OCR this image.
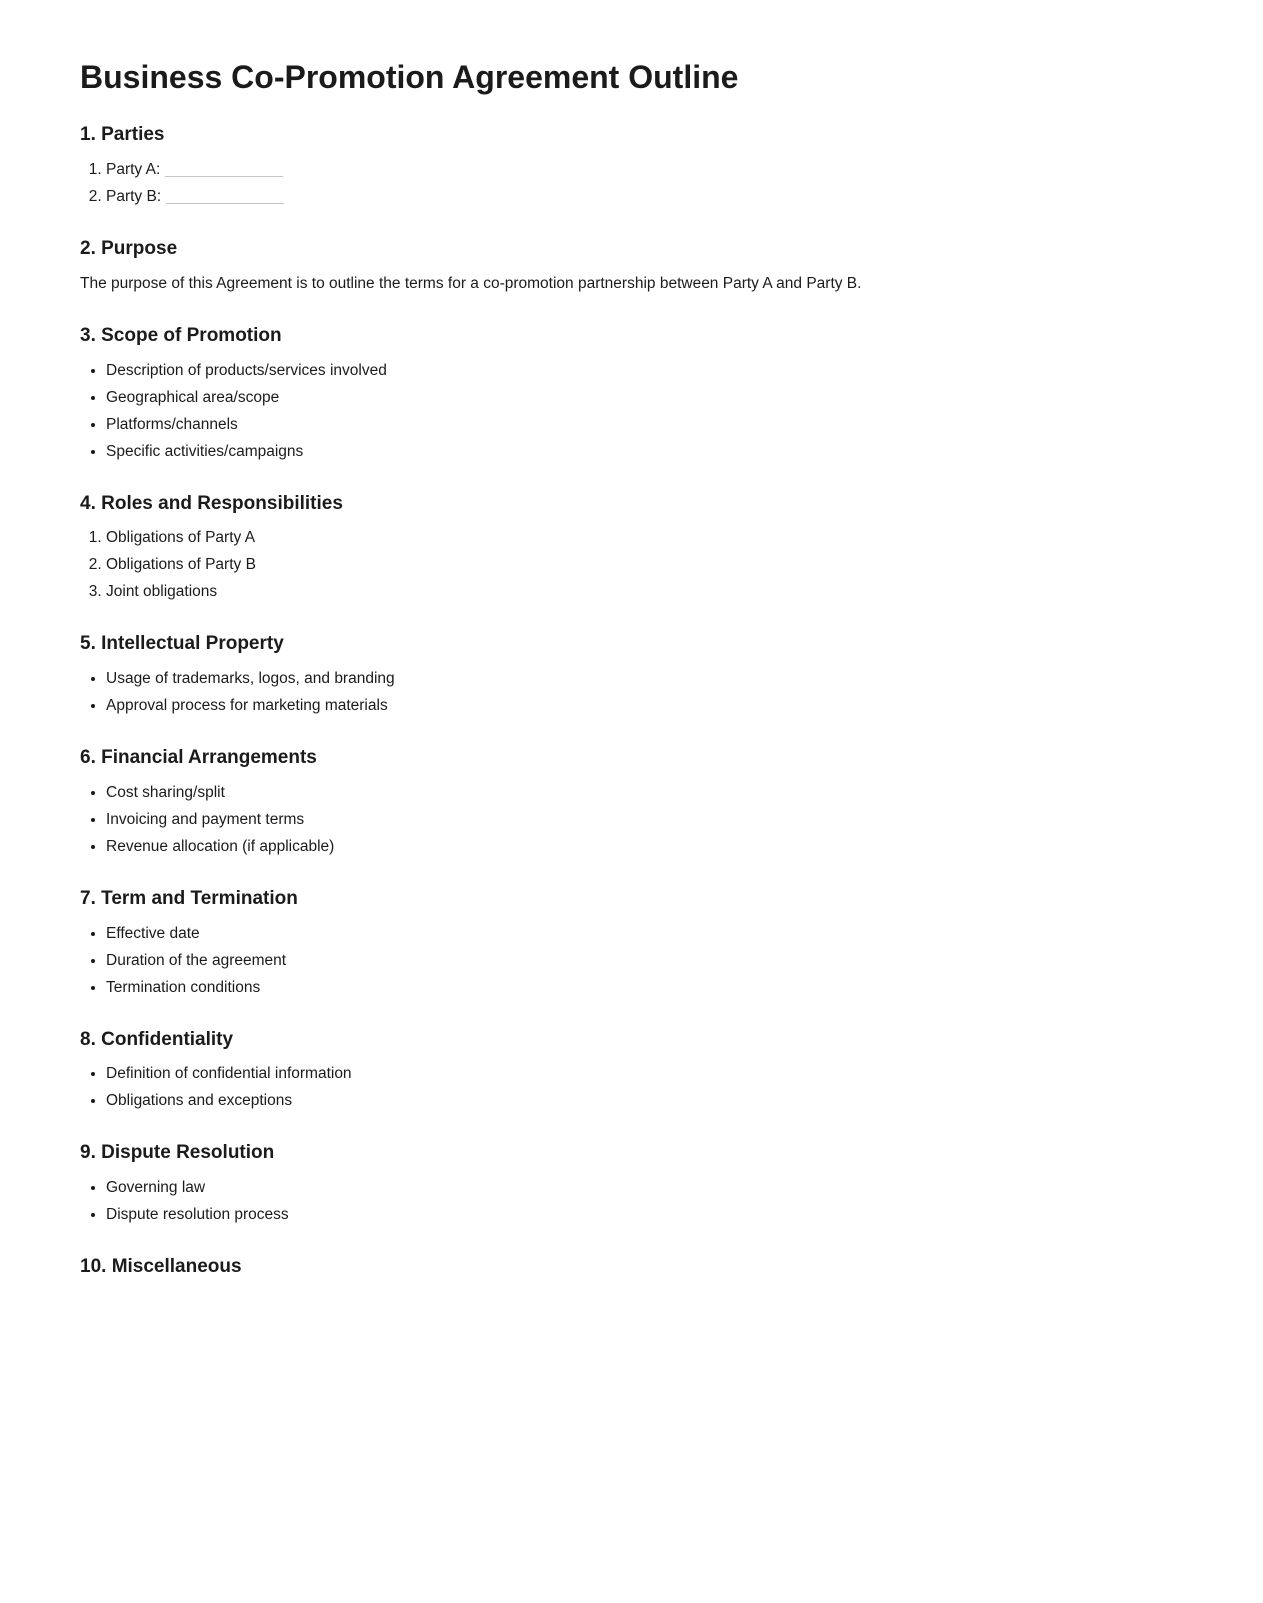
Business Co-Promotion Agreement Outline
1. Parties
1. Party A:
2. Party B:
2. Purpose

The purpose of this Agreement is to outline the terms for a co-promotion partnership between Party A and Party B.

3. Scope of Promotion
• Description of products/services involved
• Geographical area/scope
• Platforms/channels
• Specific activities/campaigns
4. Roles and Responsibilities
1. Obligations of Party A
2. Obligations of Party B
3. Joint obligations
5. Intellectual Property
• Usage of trademarks, logos, and branding
• Approval process for marketing materials
6. Financial Arrangements
• Cost sharing/split
• Invoicing and payment terms
• Revenue allocation (if applicable)
7. Term and Termination
• Effective date
• Duration of the agreement
• Termination conditions
8. Confidentiality
• Definition of confidential information
• Obligations and exceptions
9. Dispute Resolution
• Governing law
• Dispute resolution process
10. Miscellaneous
